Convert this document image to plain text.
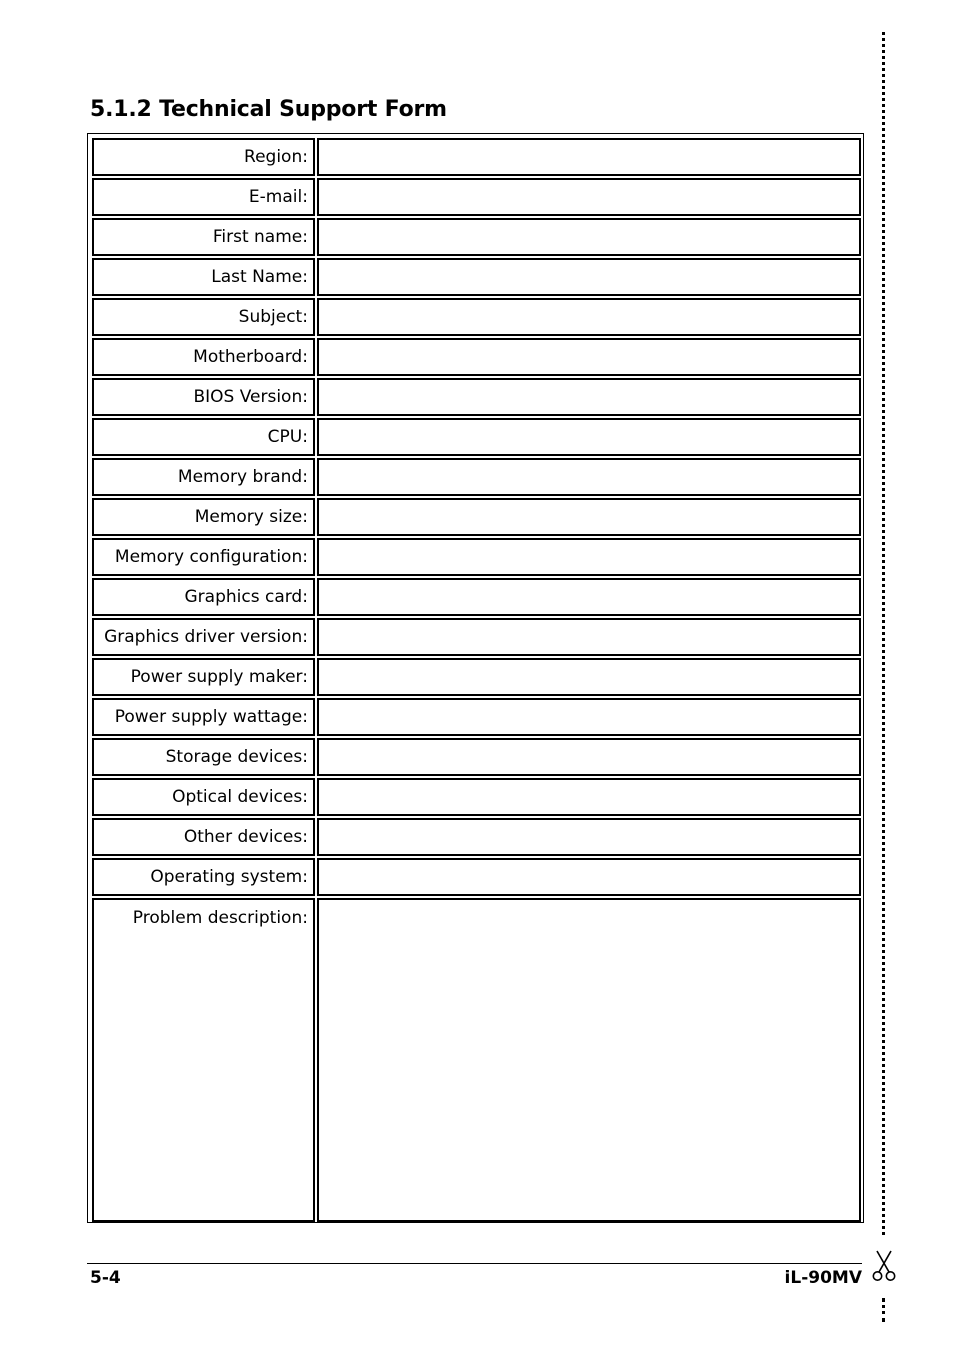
5.1.2 Technical Support Form
Region:	
E-mail:	
First name:	
Last Name:	
Subject:	
Motherboard:	
BIOS Version:	
CPU:	
Memory brand:	
Memory size:	
Memory configuration:	
Graphics card:	
Graphics driver version:	
Power supply maker:	
Power supply wattage:	
Storage devices:	
Optical devices:	
Other devices:	
Operating system:	
Problem description:	
5-4	iL-90MV
